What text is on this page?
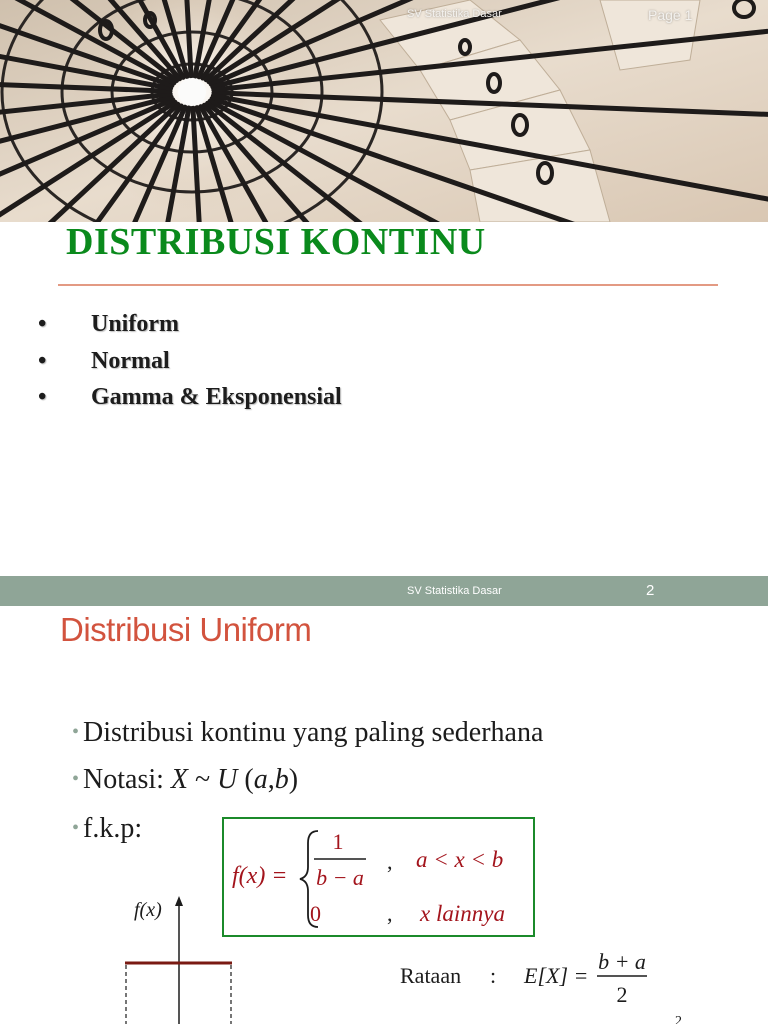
SV Statistika Dasar	Page 1
DISTRIBUSI KONTINU
•	Uniform
•	Normal
•	Gamma & Eksponensial
SV Statistika Dasar	2
Distribusi Uniform
• Distribusi kontinu yang paling sederhana
• Notasi: X ~ U (a,b)
• f.k.p:
f(x) =
1
b − a
, a < x < b
0	, x lainnya
f(x)
Rataan : E[X] =
b + a
2
2
